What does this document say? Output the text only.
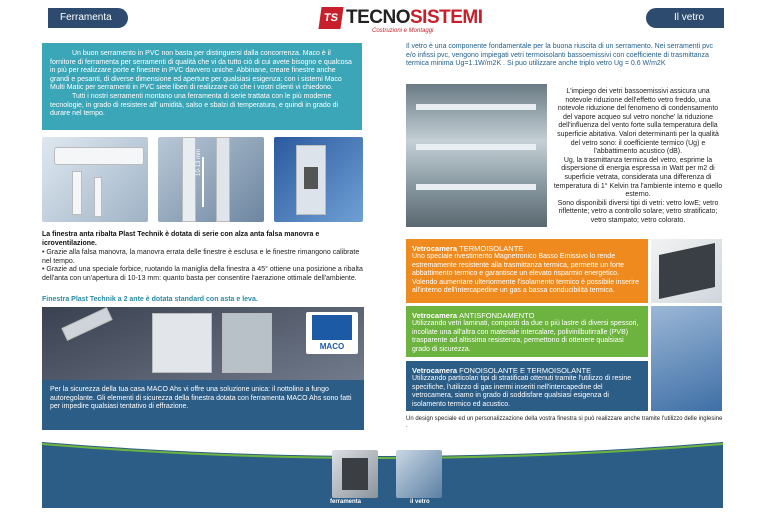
Ferramenta	Il vetro
TS TECNOSISTEMI
Costruzioni e Montaggi

Un buon serramento in PVC non basta per distinguersi dalla concorrenza. Maco è il fornitore di ferramenta per serramenti di qualità che vi da tutto ciò di cui avete bisogno e qualcosa in più per realizzare porte e finestre in PVC davvero uniche. Abbinane, creare finestre anche grandi e pesanti, di diverse dimensione ed aperture per qualsiasi esigenza: con i sistemi Maco Multi Matic per serramenti in PVC siete liberi di realizzare ciò che i vostri clienti vi chiedono.

Tutti i nostri serramenti montano una ferramenta di serie trattata con le più moderne tecnologie, in grado di resistere all' umidità, salso e sbalzi di temperatura, e quindi in grado di durare nel tempo.

10-13 mm
La finestra anta ribalta Plast Technik è dotata di serie con alza anta falsa manovra e icroventilazione.

• Grazie alla falsa manovra, la manovra errata delle finestre è esclusa e le finestre rimangono calibrate nel tempo.

• Grazie ad una speciale forbice, ruotando la maniglia della finestra a 45° ottiene una posizione a ribalta dell'anta con un'apertura di 10-13 mm: quanto basta per consentire l'aerazione ottimale dell'ambiente.

Finestra Plast Technik a 2 ante è dotata standard con asta e leva.
MACO

Per la sicurezza della tua casa MACO Ahs vi offre una soluzione unica: il nottolino a fungo autoregolante. Gli elementi di sicurezza della finestra dotata con ferramenta MACO Ahs sono fatti per impedire qualsiasi tentativo di effrazione.

Il vetro è una componente fondamentale per la buona riuscita di un serramento. Nei serramenti pvc e/o infissi pvc, vengono impiegati vetri termoisolanti bassoemissivi con coefficiente di trasmittanza termica minima Ug=1.1W/m2K . Si puo utilizzare anche triplo vetro Ug = 0.6 W/m2K

L'impiego dei vetri bassoemissivi assicura una notevole riduzione dell'effetto vetro freddo, una notevole riduzione del fenomeno di condensamento del vapore acqueo sul vetro nonche' la riduzione dell'influenza del vento forte sulla temperatura della superficie abitativa. Valori determinanti per la qualità del vetro sono: il coefficiente termico (Ug) e l'abbattimento acustico (dB).

Ug, la trasmittanza termica del vetro, esprime la dispersione di energia espressa in Watt per m2 di superficie vetrata, considerata una differenza di temperatura di 1° Kelvin tra l'ambiente interno e quello esterno.

Sono disponibili diversi tipi di vetri: vetro lowE; vetro riflettente; vetro a controllo solare; vetro stratificato; vetro stampato; vetro colorato.

Vetrocamera TERMOISOLANTE

Uno speciale rivestimento Magnetronico Basso Emissivo lo rende estremamente resistente alla trasmittanza termica, permette un forte abbattimento termico e garantisce un elevato risparmio energetico. Volendo aumentare ulteriormente l'isolamento termico è possibile inserire all'interno dell'intercapedine un gas a bassa conducibilità termica.

Vetrocamera ANTISFONDAMENTO

Utilizzando vetri laminati, composti da due o più lastre di diversi spessori, incollate una all'altra con materiale intercalare, polivinilbutirralle (PVB) trasparente ad altissima resistenza, permettono di ottenere qualsiasi grado di sicurezza.

Vetrocamera FONOISOLANTE E TERMOISOLANTE

Utilizzando particolari tipi di stratificati ottenuti tramite l'utilizzo di resine specifiche, l'utilizzo di gas inermi inseriti nell'intercapedine del vetrocamera, siamo in grado di soddisfare qualsiasi esigenza di isolamento termico ed acustico.

Un design speciale ed un personalizzazione della vostra finestra si può realizzare anche tramite l'utilizzo delle inglesine .
ferramenta	il vetro
